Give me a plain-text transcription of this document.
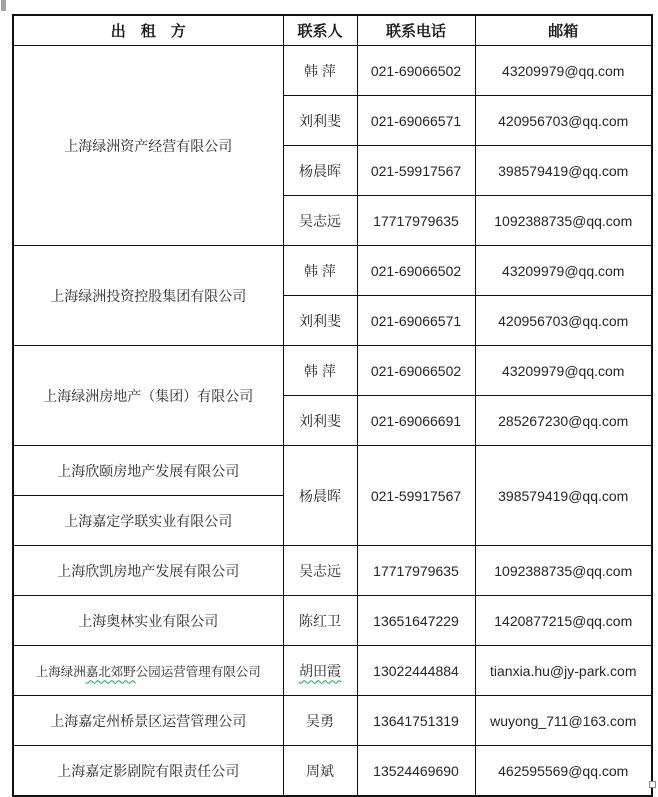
出　租　方	联系人	联系电话	邮箱
上海绿洲资产经营有限公司	韩 萍	021-69066502	43209979@qq.com
	刘利斐	021-69066571	420956703@qq.com
	杨晨晖	021-59917567	398579419@qq.com
	吴志远	17717979635	1092388735@qq.com
上海绿洲投资控股集团有限公司	韩 萍	021-69066502	43209979@qq.com
	刘利斐	021-69066571	420956703@qq.com
上海绿洲房地产（集团）有限公司	韩 萍	021-69066502	43209979@qq.com
	刘利斐	021-69066691	285267230@qq.com
上海欣颐房地产发展有限公司	杨晨晖	021-59917567	398579419@qq.com
上海嘉定学联实业有限公司			
上海欣凯房地产发展有限公司	吴志远	17717979635	1092388735@qq.com
上海奥林实业有限公司	陈红卫	13651647229	1420877215@qq.com
上海绿洲嘉北郊野公园运营管理有限公司	胡田霞	13022444884	tianxia.hu@jy-park.com
上海嘉定州桥景区运营管理公司	吴勇	13641751319	wuyong_711@163.com
上海嘉定影剧院有限责任公司	周斌	13524469690	462595569@qq.com
